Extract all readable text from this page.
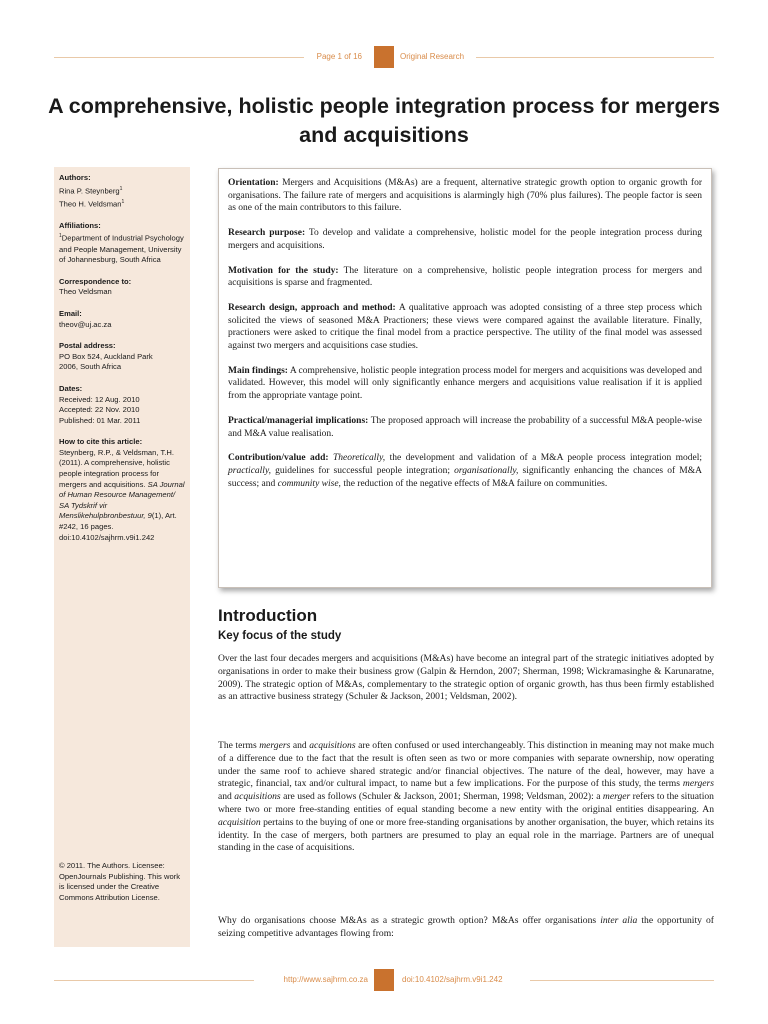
Page 1 of 16	Original Research
A comprehensive, holistic people integration process for mergers and acquisitions
Authors:
Rina P. Steynberg$^1$
Theo H. Veldsman$^1$
Affiliations:
$^1$Department of Industrial Psychology and People Management, University of Johannesburg, South Africa
Correspondence to:
Theo Veldsman
Email:
theov@uj.ac.za
Postal address:
PO Box 524, Auckland Park
2006, South Africa
Dates:
Received: 12 Aug. 2010
Accepted: 22 Nov. 2010
Published: 01 Mar. 2011
How to cite this article:
Steynberg, R.P., & Veldsman, T.H. (2011). A comprehensive, holistic people integration process for mergers and acquisitions. SA Journal of Human Resource Management/ SA Tydskrif vir Menslikehulpbronbestuur, 9(1), Art. #242, 16 pages. doi:10.4102/sajhrm.v9i1.242
© 2011. The Authors. Licensee: OpenJournals Publishing. This work is licensed under the Creative Commons Attribution License.

Orientation: Mergers and Acquisitions (M&As) are a frequent, alternative strategic growth option to organic growth for organisations. The failure rate of mergers and acquisitions is alarmingly high (70% plus failures). The people factor is seen as one of the main contributors to this failure.

Research purpose: To develop and validate a comprehensive, holistic model for the people integration process during mergers and acquisitions.

Motivation for the study: The literature on a comprehensive, holistic people integration process for mergers and acquisitions is sparse and fragmented.

Research design, approach and method: A qualitative approach was adopted consisting of a three step process which solicited the views of seasoned M&A Practioners; these views were compared against the available literature. Finally, practioners were asked to critique the final model from a practice perspective. The utility of the final model was assessed against two mergers and acquisitions case studies.

Main findings: A comprehensive, holistic people integration process model for mergers and acquisitions was developed and validated. However, this model will only significantly enhance mergers and acquisitions value realisation if it is applied from the appropriate vantage point.

Practical/managerial implications: The proposed approach will increase the probability of a successful M&A people-wise and M&A value realisation.

Contribution/value add: Theoretically, the development and validation of a M&A people process integration model; practically, guidelines for successful people integration; organisationally, significantly enhancing the chances of M&A success; and community wise, the reduction of the negative effects of M&A failure on communities.

Introduction
Key focus of the study

Over the last four decades mergers and acquisitions (M&As) have become an integral part of the strategic initiatives adopted by organisations in order to make their business grow (Galpin & Herndon, 2007; Sherman, 1998; Wickramasinghe & Karunaratne, 2009). The strategic option of M&As, complementary to the strategic option of organic growth, has thus been firmly established as an attractive business strategy (Schuler & Jackson, 2001; Veldsman, 2002).

The terms mergers and acquisitions are often confused or used interchangeably. This distinction in meaning may not make much of a difference due to the fact that the result is often seen as two or more companies with separate ownership, now operating under the same roof to achieve shared strategic and/or financial objectives. The nature of the deal, however, may have a strategic, financial, tax and/or cultural impact, to name but a few implications. For the purpose of this study, the terms mergers and acquisitions are used as follows (Schuler & Jackson, 2001; Sherman, 1998; Veldsman, 2002): a merger refers to the situation where two or more free-standing entities of equal standing become a new entity with the original entities disappearing. An acquisition pertains to the buying of one or more free-standing organisations by another organisation, the buyer, which retains its identity. In the case of mergers, both partners are presumed to play an equal role in the marriage. Partners are of unequal standing in the case of acquisitions.

Why do organisations choose M&As as a strategic growth option? M&As offer organisations inter alia the opportunity of seizing competitive advantages flowing from:

http://www.sajhrm.co.za	doi:10.4102/sajhrm.v9i1.242
